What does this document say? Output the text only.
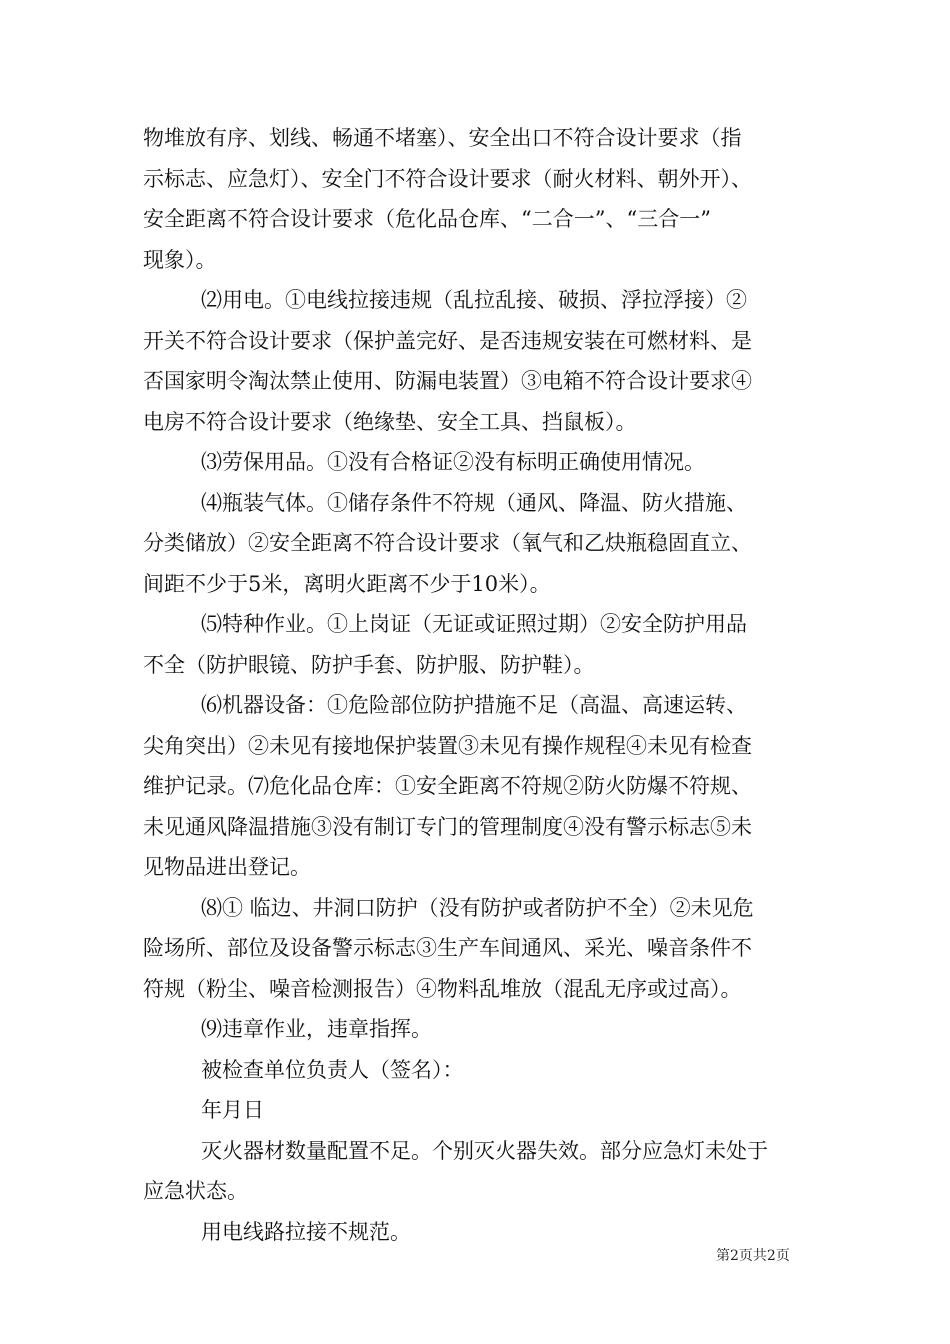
物堆放有序、划线、畅通不堵塞）、安全出口不符合设计要求（指
示标志、应急灯）、安全门不符合设计要求（耐火材料、朝外开）、
安全距离不符合设计要求（危化品仓库、“二合一”、“三合一”
现象）。
⑵用电。①电线拉接违规（乱拉乱接、破损、浮拉浮接）②
开关不符合设计要求（保护盖完好、是否违规安装在可燃材料、是
否国家明令淘汰禁止使用、防漏电装置）③电箱不符合设计要求④
电房不符合设计要求（绝缘垫、安全工具、挡鼠板）。
⑶劳保用品。①没有合格证②没有标明正确使用情况。
⑷瓶装气体。①储存条件不符规（通风、降温、防火措施、
分类储放）②安全距离不符合设计要求（氧气和乙炔瓶稳固直立、
间距不少于5米，离明火距离不少于10米）。
⑸特种作业。①上岗证（无证或证照过期）②安全防护用品
不全（防护眼镜、防护手套、防护服、防护鞋）。
⑹机器设备：①危险部位防护措施不足（高温、高速运转、
尖角突出）②未见有接地保护装置③未见有操作规程④未见有检查
维护记录。⑺危化品仓库：①安全距离不符规②防火防爆不符规、
未见通风降温措施③没有制订专门的管理制度④没有警示标志⑤未
见物品进出登记。
⑻① 临边、井洞口防护（没有防护或者防护不全）②未见危
险场所、部位及设备警示标志③生产车间通风、采光、噪音条件不
符规（粉尘、噪音检测报告）④物料乱堆放（混乱无序或过高）。
⑼违章作业，违章指挥。
被检查单位负责人（签名）：
年月日
灭火器材数量配置不足。个别灭火器失效。部分应急灯未处于
应急状态。
用电线路拉接不规范。
第2页共2页
